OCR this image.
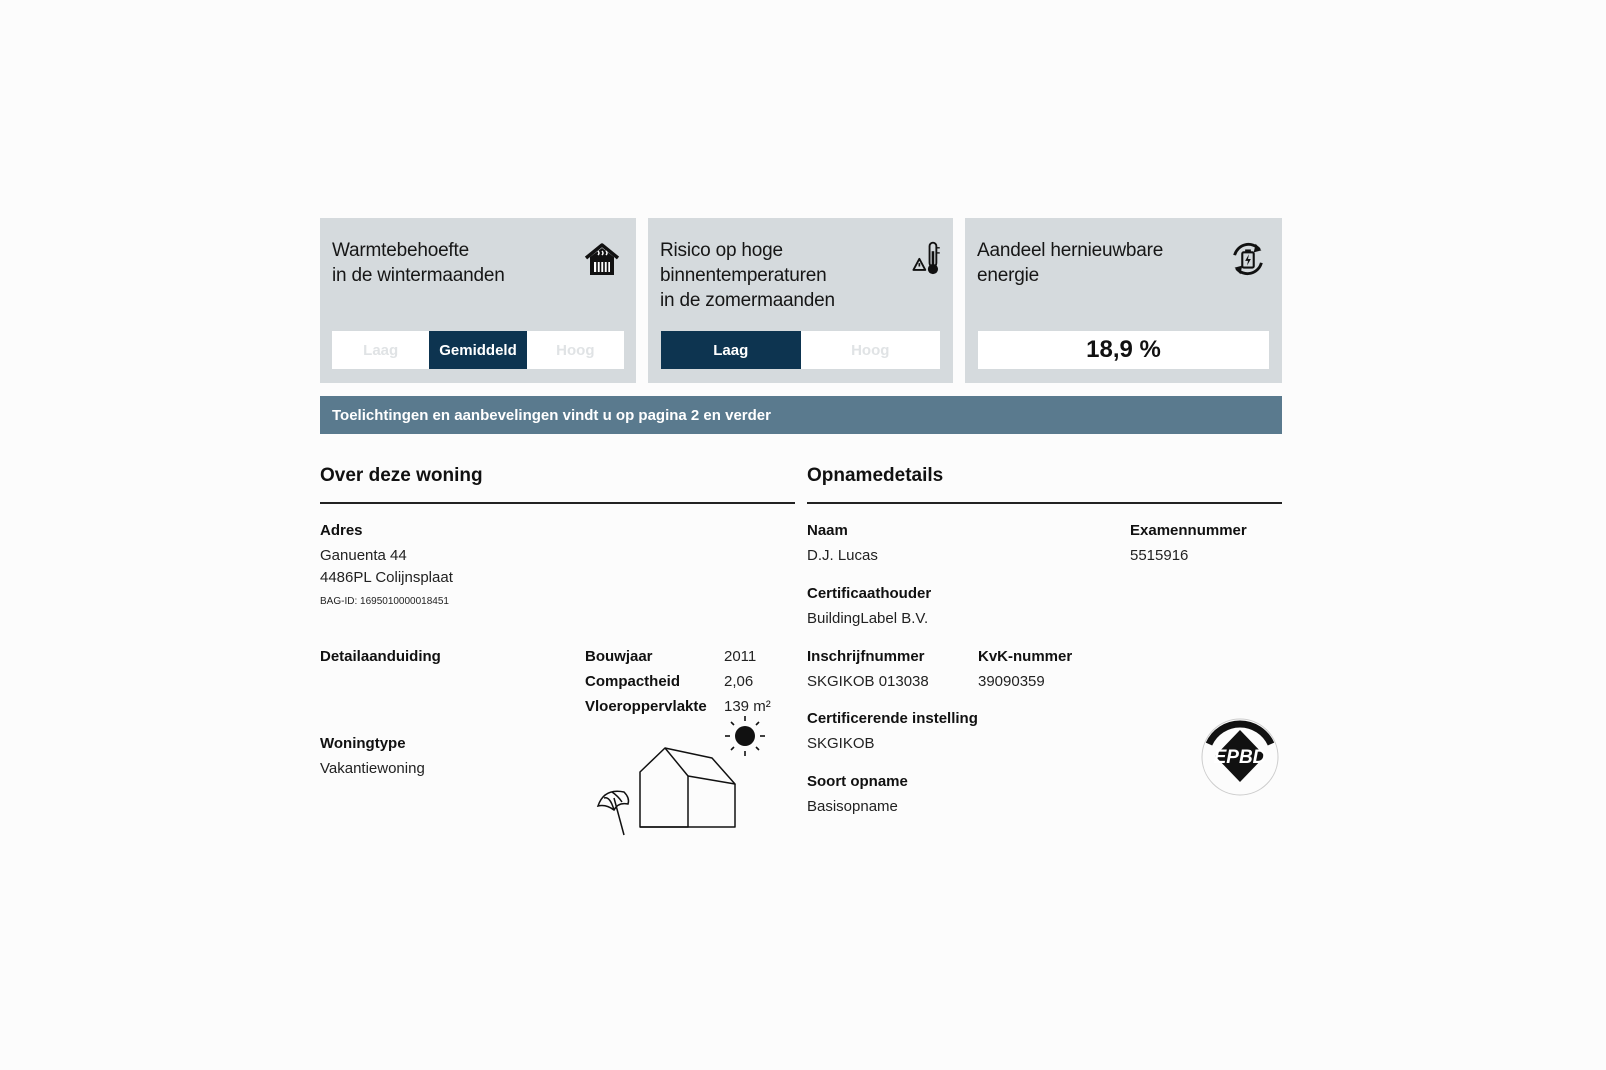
Warmtebehoefte
in de wintermaanden
Laag	Gemiddeld	Hoog
Risico op hoge
binnentemperaturen
in de zomermaanden
Laag	Hoog
Aandeel hernieuwbare
energie
18,9 %
Toelichtingen en aanbevelingen vindt u op pagina 2 en verder
Over deze woning
Adres
Ganuenta 44
4486PL Colijnsplaat
BAG-ID: 1695010000018451
Detailaanduiding	Bouwjaar	2011
Compactheid	2,06
Vloeroppervlakte 139 m²
Woningtype
Vakantiewoning
Opnamedetails
Naam
D.J. Lucas
Examennummer
5515916
Certificaathouder
BuildingLabel B.V.
Inschrijfnummer
SKGIKOB 013038
KvK-nummer
39090359
Certificerende instelling
SKGIKOB
Soort opname
Basisopname
EPBD
